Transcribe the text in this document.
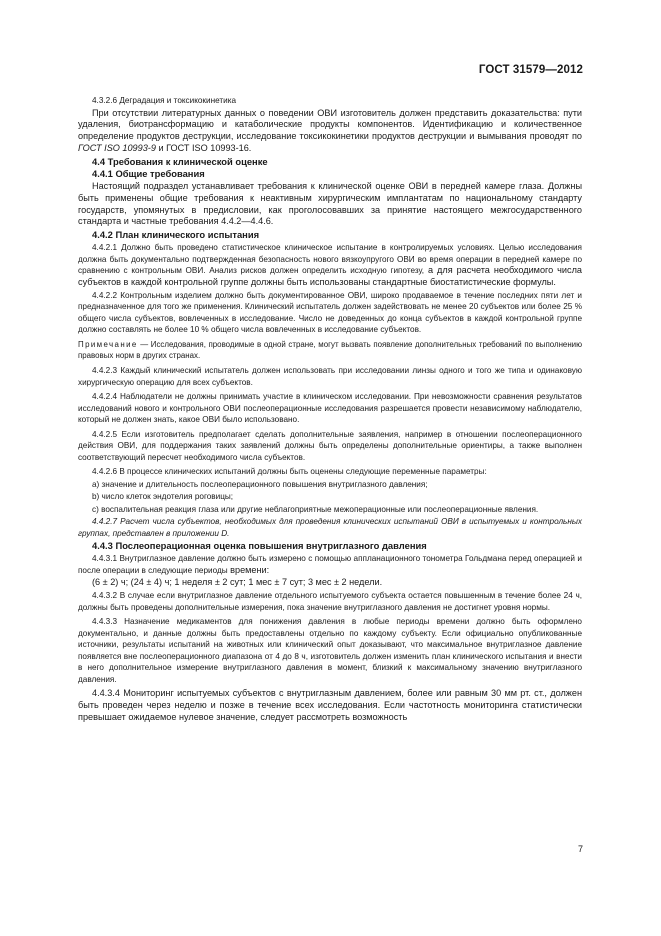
ГОСТ 31579—2012

4.3.2.6 Деградация и токсикокинетика

При отсутствии литературных данных о поведении ОВИ изготовитель должен представить доказательства: пути удаления, биотрансформацию и катаболические продукты компонентов. Идентификацию и количественное определение продуктов деструкции, исследование токсикокинетики продуктов деструкции и вымывания проводят по ГОСТ ISO 10993-9 и ГОСТ ISO 10993-16.

4.4 Требования к клинической оценке

4.4.1 Общие требования

Настоящий подраздел устанавливает требования к клинической оценке ОВИ в передней камере глаза. Должны быть применены общие требования к неактивным хирургическим имплантатам по национальному стандарту государств, упомянутых в предисловии, как проголосовавших за принятие настоящего межгосударственного стандарта и частные требования 4.4.2—4.4.6.

4.4.2 План клинического испытания

4.4.2.1 Должно быть проведено статистическое клиническое испытание в контролируемых условиях. Целью исследования должна быть документально подтвержденная безопасность нового вязкоупругого ОВИ во время операции в передней камере по сравнению с контрольным ОВИ. Анализ рисков должен определить исходную гипотезу, а для расчета необходимого числа субъектов в каждой контрольной группе должны быть использованы стандартные биостатистические формулы.

4.4.2.2 Контрольным изделием должно быть документированное ОВИ, широко продаваемое в течение последних пяти лет и предназначенное для того же применения. Клинический испытатель должен задействовать не менее 20 субъектов или более 25 % общего числа субъектов, вовлеченных в исследование. Число не доведенных до конца субъектов в каждой контрольной группе должно составлять не более 10 % общего числа вовлеченных в исследование субъектов.

Примечание — Исследования, проводимые в одной стране, могут вызвать появление дополнительных требований по выполнению правовых норм в других странах.

4.4.2.3 Каждый клинический испытатель должен использовать при исследовании линзы одного и того же типа и одинаковую хирургическую операцию для всех субъектов.

4.4.2.4 Наблюдатели не должны принимать участие в клиническом исследовании. При невозможности сравнения результатов исследований нового и контрольного ОВИ послеоперационные исследования разрешается провести независимому наблюдателю, который не должен знать, какое ОВИ было использовано.

4.4.2.5 Если изготовитель предполагает сделать дополнительные заявления, например в отношении послеоперационного действия ОВИ, для поддержания таких заявлений должны быть определены дополнительные ориентиры, а также выполнен соответствующий пересчет необходимого числа субъектов.

4.4.2.6 В процессе клинических испытаний должны быть оценены следующие переменные параметры:

a) значение и длительность послеоперационного повышения внутриглазного давления;

b) число клеток эндотелия роговицы;

c) воспалительная реакция глаза или другие неблагоприятные межоперационные или послеоперационные явления.

4.4.2.7 Расчет числа субъектов, необходимых для проведения клинических испытаний ОВИ в испытуемых и контрольных группах, представлен в приложении D.

4.4.3 Послеоперационная оценка повышения внутриглазного давления

4.4.3.1 Внутриглазное давление должно быть измерено с помощью аппланационного тонометра Гольдмана перед операцией и после операции в следующие периоды времени:

(6 ± 2) ч; (24 ± 4) ч; 1 неделя ± 2 сут; 1 мес ± 7 сут; 3 мес ± 2 недели.

4.4.3.2 В случае если внутриглазное давление отдельного испытуемого субъекта остается повышенным в течение более 24 ч, должны быть проведены дополнительные измерения, пока значение внутриглазного давления не достигнет уровня нормы.

4.4.3.3 Назначение медикаментов для понижения давления в любые периоды времени должно быть оформлено документально, и данные должны быть предоставлены отдельно по каждому субъекту. Если официально опубликованные источники, результаты испытаний на животных или клинический опыт доказывают, что максимальное внутриглазное давление появляется вне послеоперационного диапазона от 4 до 8 ч, изготовитель должен изменить план клинического испытания и внести в него дополнительное измерение внутриглазного давления в момент, близкий к максимальному значению внутриглазного давления.

4.4.3.4 Мониторинг испытуемых субъектов с внутриглазным давлением, более или равным 30 мм рт. ст., должен быть проведен через неделю и позже в течение всех исследования. Если частотность мониторинга статистически превышает ожидаемое нулевое значение, следует рассмотреть возможность

7
